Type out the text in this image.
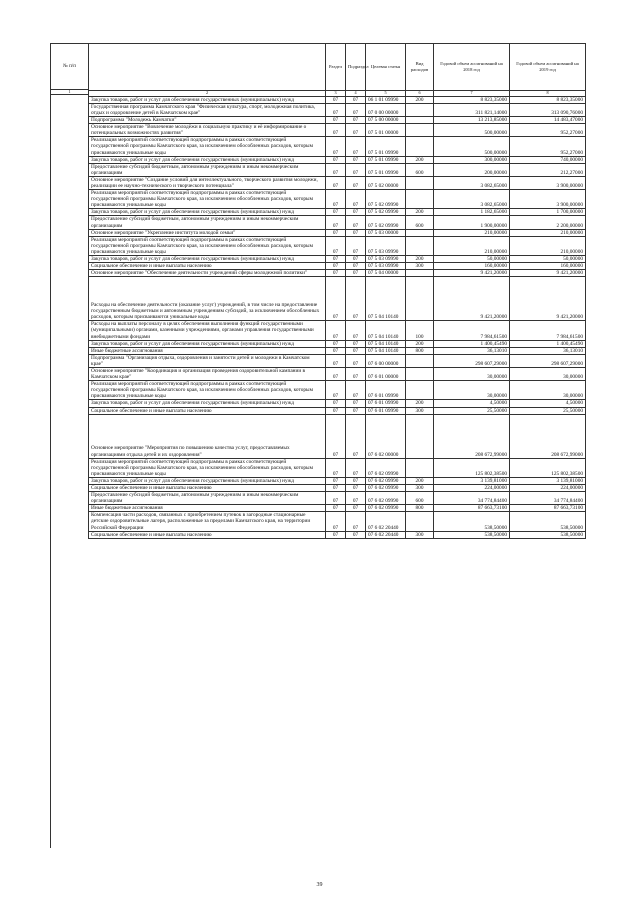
№ п/п
1
	Раздел	Подраздел	Целевая статья	Вид расходов	Годовой объем ассигнований на 2018 год	Годовой объем ассигнований на 2019 год
2	3	4	5	6	7	8
Закупка товаров, работ и услуг для обеспечения государственных (муниципальных) нужд	07	07	06 1 01 09990	200	8 823,35000	8 823,35000
Государственная программа Камчатского края "Физическая культура, спорт, молодежная политика, отдых и оздоровление детей в Камчатском крае"	07	07	07 0 00 00000		311 821,14000	313 090,76000
Подпрограмма "Молодежь Камчатки"	07	07	07 5 00 00000		13 213,85000	14 483,47000
Основное мероприятие "Вовлечение молодёжи в социальную практику и её информирование о потенциальных возможностях развития"	07	07	07 5 01 00000		500,00000	952,27000
Реализация мероприятий соответствующей подпрограммы в рамках соответствующей государственной программы Камчатского края, за исключением обособленных расходов, которым присваиваются уникальные коды	07	07	07 5 01 09990		500,00000	952,27000
Закупка товаров, работ и услуг для обеспечения государственных (муниципальных) нужд	07	07	07 5 01 09990	200	300,00000	740,00000
Предоставление субсидий бюджетным, автономным учреждениям и иным некоммерческим организациям	07	07	07 5 01 09990	600	200,00000	212,27000
Основное мероприятие "Создание условий для интеллектуального, творческого развития молодежи, реализации ее научно-технического и творческого потенциала"	07	07	07 5 02 00000		3 082,65000	3 900,00000
Реализация мероприятий соответствующей подпрограммы в рамках соответствующей государственной программы Камчатского края, за исключением обособленных расходов, которым присваиваются уникальные коды	07	07	07 5 02 09990		3 082,65000	3 900,00000
Закупка товаров, работ и услуг для обеспечения государственных (муниципальных) нужд	07	07	07 5 02 09990	200	1 182,65000	1 700,00000
Предоставление субсидий бюджетным, автономным учреждениям и иным некоммерческим организациям	07	07	07 5 02 09990	600	1 900,00000	2 200,00000
Основное мероприятие "Укрепление института молодой семьи"	07	07	07 5 03 00000		210,00000	210,00000
Реализация мероприятий соответствующей подпрограммы в рамках соответствующей государственной программы Камчатского края, за исключением обособленных расходов, которым присваиваются уникальные коды	07	07	07 5 03 09990		210,00000	210,00000
Закупка товаров, работ и услуг для обеспечения государственных (муниципальных) нужд	07	07	07 5 03 09990	200	50,00000	50,00000
Социальное обеспечение и иные выплаты населению	07	07	07 5 03 09990	300	160,00000	160,00000
Основное мероприятие "Обеспечение деятельности учреждений сферы молодежной политики"	07	07	07 5 04 00000		9 421,20000	9 421,20000
Расходы на обеспечение деятельности (оказание услуг) учреждений, в том числе на предоставление государственным бюджетным и автономным учреждениям субсидий, за исключением обособленных расходов, которым присваиваются уникальные коды	07	07	07 5 04 10140		9 421,20000	9 421,20000
Расходы на выплаты персоналу в целях обеспечения выполнения функций государственными (муниципальными) органами, казенными учреждениями, органами управления государственными внебюджетными фондами	07	07	07 5 04 10140	100	7 984,61500	7 984,61500
Закупка товаров, работ и услуг для обеспечения государственных (муниципальных) нужд	07	07	07 5 04 10140	200	1 400,45490	1 400,45490
Иные бюджетные ассигнования	07	07	07 5 04 10140	800	36,13010	36,13010
Подпрограмма "Организация отдыха, оздоровления и занятости детей и молодежи в Камчатском крае"	07	07	07 6 00 00000		298 607,29000	298 607,29000
Основное мероприятие "Координация и организация проведения оздоровительной кампании в Камчатском крае"	07	07	07 6 01 00000		30,00000	30,00000
Реализация мероприятий соответствующей подпрограммы в рамках соответствующей государственной программы Камчатского края, за исключением обособленных расходов, которым присваиваются уникальные коды	07	07	07 6 01 09990		30,00000	30,00000
Закупка товаров, работ и услуг для обеспечения государственных (муниципальных) нужд	07	07	07 6 01 09990	200	4,50000	4,50000
Социальное обеспечение и иные выплаты населению	07	07	07 6 01 09990	300	25,50000	25,50000
Основное мероприятие "Мероприятия по повышению качества услуг, предоставляемых организациями отдыха детей и их оздоровления"	07	07	07 6 02 00000		208 672,99000	208 672,99000
Реализация мероприятий соответствующей подпрограммы в рамках соответствующей государственной программы Камчатского края, за исключением обособленных расходов, которым присваиваются уникальные коды	07	07	07 6 02 09990		125 802,38500	125 802,38500
Закупка товаров, работ и услуг для обеспечения государственных (муниципальных) нужд	07	07	07 6 02 09990	200	3 139,81000	3 139,81000
Социальное обеспечение и иные выплаты населению	07	07	07 6 02 09990	300	224,00000	224,00000
Предоставление субсидий бюджетным, автономным учреждениям и иным некоммерческим организациям	07	07	07 6 02 09990	600	34 774,84400	34 774,84400
Иные бюджетные ассигнования	07	07	07 6 02 09990	800	87 663,73100	87 663,73100
Компенсация части расходов, связанных с приобретением путевок в загородные стационарные детские оздоровительные лагеря, расположенные за пределами Камчатского края, на территории Российской Федерации	07	07	07 6 02 20440		538,50000	538,50000
Социальное обеспечение и иные выплаты населению	07	07	07 6 02 20440	300	538,50000	538,50000
39
